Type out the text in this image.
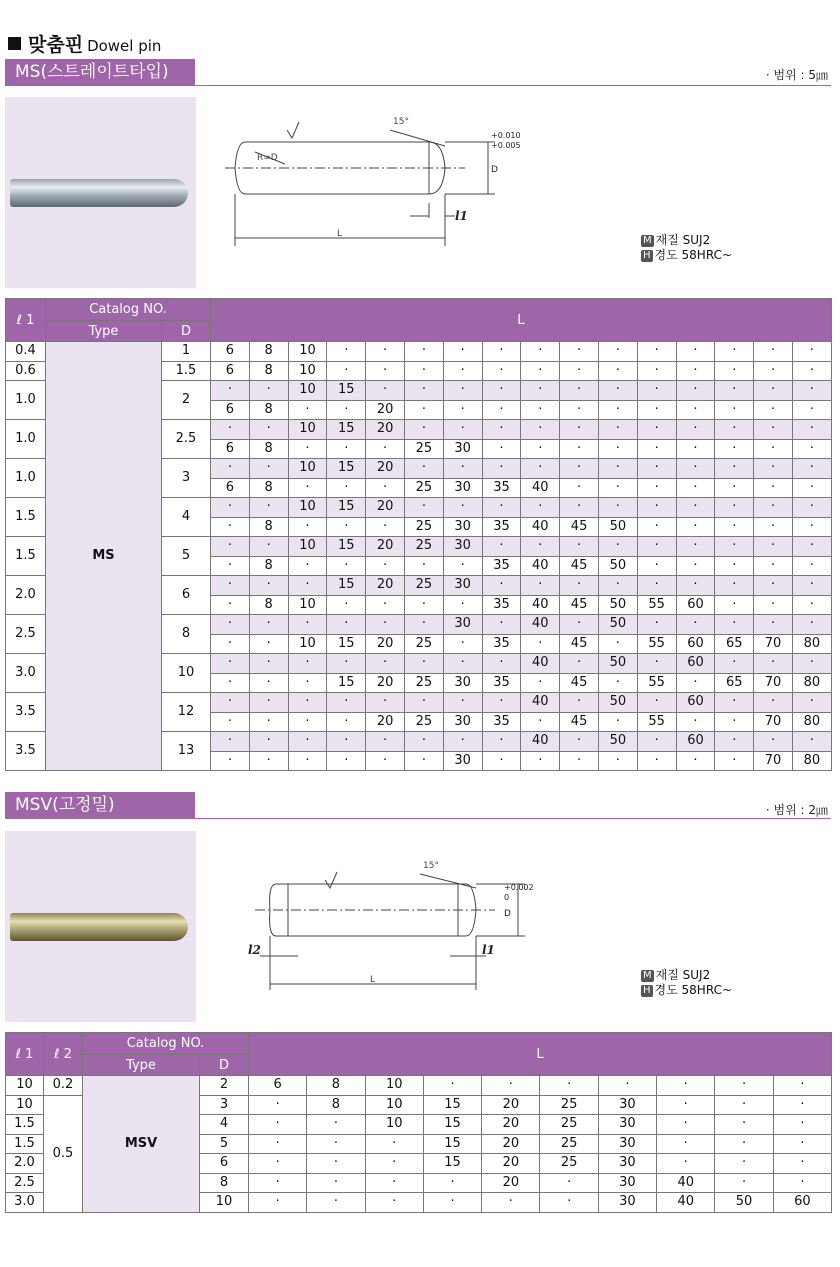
맞춤핀 Dowel pin
MS(스트레이트타입)	· 범위 : 5㎛
R=D
15°
+0.010
+0.005
D
l1
L
M 재질 SUJ2
H 경도 58HRC~
ℓ 1	Catalog NO.		L															
	Type	D																
0.4	MS	1	6	8	10	·	·	·	·	·	·	·	·	·	·	·	·	·
0.6		1.5	6	8	10	·	·	·	·	·	·	·	·	·	·	·	·	·
1.0		2	·	·	10	15	·	·	·	·	·	·	·	·	·	·	·	·
			6	8	·	·	20	·	·	·	·	·	·	·	·	·	·	·
1.0		2.5	·	·	10	15	20	·	·	·	·	·	·	·	·	·	·	·
			6	8	·	·	·	25	30	·	·	·	·	·	·	·	·	·
1.0		3	·	·	10	15	20	·	·	·	·	·	·	·	·	·	·	·
			6	8	·	·	·	25	30	35	40	·	·	·	·	·	·	·
1.5		4	·	·	10	15	20	·	·	·	·	·	·	·	·	·	·	·
			·	8	·	·	·	25	30	35	40	45	50	·	·	·	·	·
1.5		5	·	·	10	15	20	25	30	·	·	·	·	·	·	·	·	·
			·	8	·	·	·	·	·	35	40	45	50	·	·	·	·	·
2.0		6	·	·	·	15	20	25	30	·	·	·	·	·	·	·	·	·
			·	8	10	·	·	·	·	35	40	45	50	55	60	·	·	·
2.5		8	·	·	·	·	·	·	30	·	40	·	50	·	·	·	·	·
			·	·	10	15	20	25	·	35	·	45	·	55	60	65	70	80
3.0		10	·	·	·	·	·	·	·	·	40	·	50	·	60	·	·	·
			·	·	·	15	20	25	30	35	·	45	·	55	·	65	70	80
3.5		12	·	·	·	·	·	·	·	·	40	·	50	·	60	·	·	·
			·	·	·	·	20	25	30	35	·	45	·	55	·	·	70	80
3.5		13	·	·	·	·	·	·	·	·	40	·	50	·	60	·	·	·
			·	·	·	·	·	·	30	·	·	·	·	·	·	·	70	80
MSV(고정밀)	· 범위 : 2㎛
15°
+0.002
0
D
l2	l1
L	M 재질 SUJ2
H 경도 58HRC~
ℓ 1	ℓ 2	Catalog NO.		L									
		Type	D										
10	0.2	MSV	2	6	8	10	·	·	·	·	·	·	·
10	0.5		3	·	8	10	15	20	25	30	·	·	·
1.5			4	·	·	10	15	20	25	30	·	·	·
1.5			5	·	·	·	15	20	25	30	·	·	·
2.0			6	·	·	·	15	20	25	30	·	·	·
2.5			8	·	·	·	·	20	·	30	40	·	·
3.0			10	·	·	·	·	·	·	30	40	50	60
